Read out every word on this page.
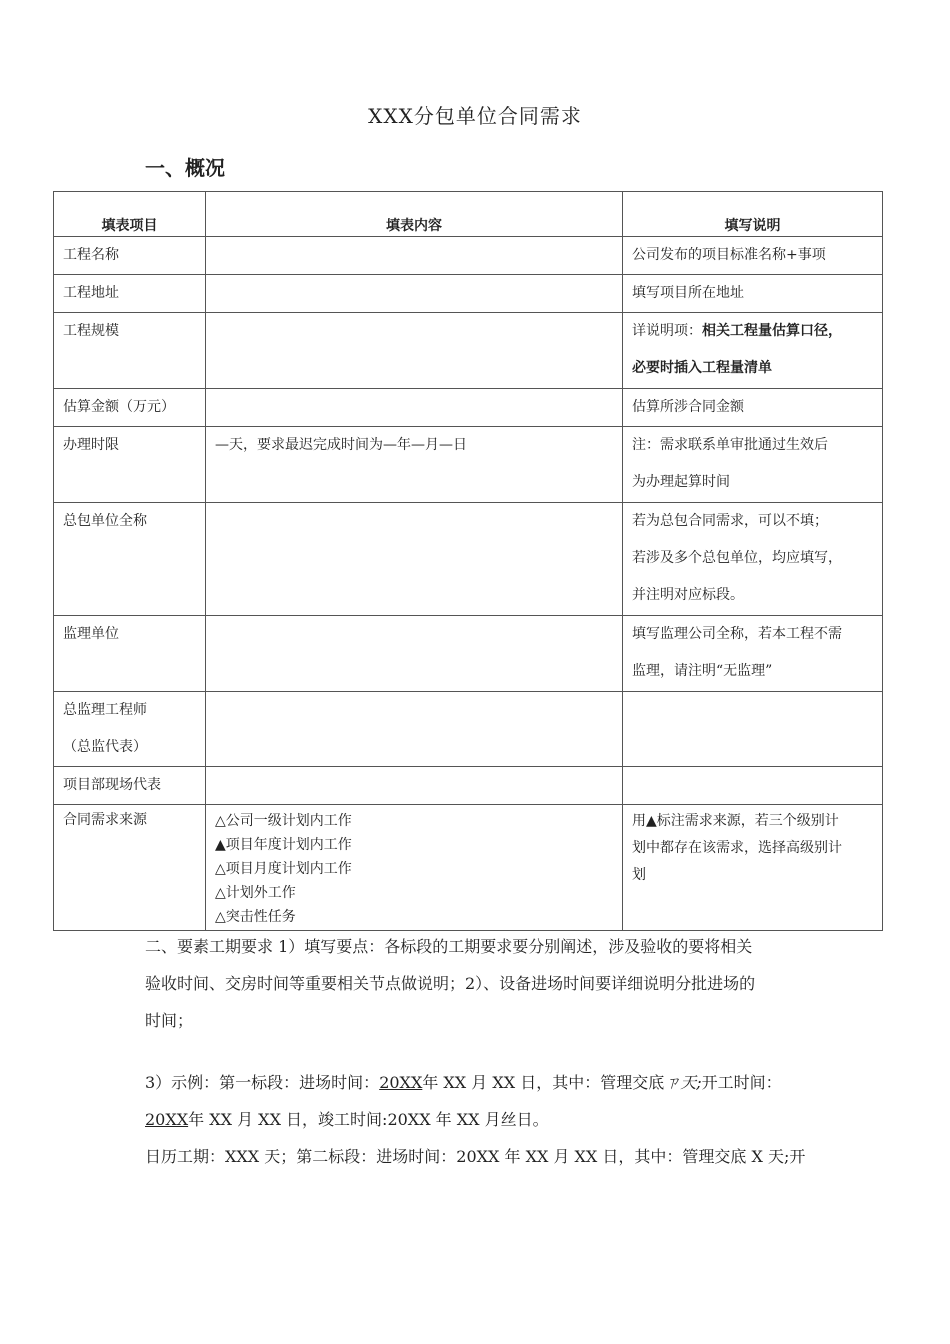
XXX分包单位合同需求
一、概况
填表项目	填表内容	填写说明
工程名称		公司发布的项目标准名称+事项
工程地址		填写项目所在地址
工程规模		详说明项：相关工程量估算口径，
必要时插入工程量清单
估算金额（万元）		估算所涉合同金额
办理时限	—天，要求最迟完成时间为—年—月—日	注：需求联系单审批通过生效后
为办理起算时间
总包单位全称		若为总包合同需求，可以不填；
若涉及多个总包单位，均应填写，
并注明对应标段。
监理单位		填写监理公司全称，若本工程不需
监理，请注明“无监理”
总监理工程师
（总监代表）		
项目部现场代表		
合同需求来源	△公司一级计划内工作
▲项目年度计划内工作
△项目月度计划内工作
△计划外工作
△突击性任务	用▲标注需求来源，若三个级别计
划中都存在该需求，选择高级别计
划
二、要素工期要求 1）填写要点：各标段的工期要求要分别阐述，涉及验收的要将相关
验收时间、交房时间等重要相关节点做说明；2）、设备进场时间要详细说明分批进场的
时间；
3）示例：第一标段：进场时间：20XX年 XX 月 XX 日，其中：管理交底ㄗ天;开工时间：
20XX年 XX 月 XX 日，竣工时间:20XX 年 XX 月丝日。
日历工期：XXX 天；第二标段：进场时间：20XX 年 XX 月 XX 日，其中：管理交底 X 天;开
